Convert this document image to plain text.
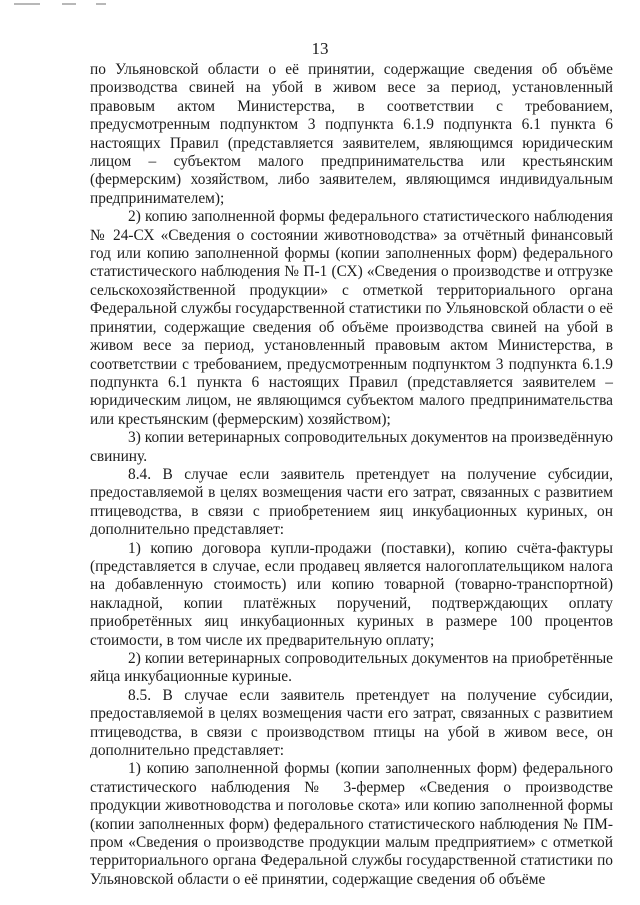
13

по Ульяновской области о её принятии, содержащие сведения об объёме производства свиней на убой в живом весе за период, установленный правовым актом Министерства, в соответствии с требованием, предусмотренным подпунктом 3 подпункта 6.1.9 подпункта 6.1 пункта 6 настоящих Правил (представляется заявителем, являющимся юридическим лицом – субъектом малого предпринимательства или крестьянским (фермерским) хозяйством, либо заявителем, являющимся индивидуальным предпринимателем);

2) копию заполненной формы федерального статистического наблюдения № 24-СХ «Сведения о состоянии животноводства» за отчётный финансовый год или копию заполненной формы (копии заполненных форм) федерального статистического наблюдения № П-1 (СХ) «Сведения о производстве и отгрузке сельскохозяйственной продукции» с отметкой территориального органа Федеральной службы государственной статистики по Ульяновской области о её принятии, содержащие сведения об объёме производства свиней на убой в живом весе за период, установленный правовым актом Министерства, в соответствии с требованием, предусмотренным подпунктом 3 подпункта 6.1.9 подпункта 6.1 пункта 6 настоящих Правил (представляется заявителем – юридическим лицом, не являющимся субъектом малого предпринимательства или крестьянским (фермерским) хозяйством);

3) копии ветеринарных сопроводительных документов на произведённую свинину.

8.4. В случае если заявитель претендует на получение субсидии, предоставляемой в целях возмещения части его затрат, связанных с развитием птицеводства, в связи с приобретением яиц инкубационных куриных, он дополнительно представляет:

1) копию договора купли-продажи (поставки), копию счёта-фактуры (представляется в случае, если продавец является налогоплательщиком налога на добавленную стоимость) или копию товарной (товарно-транспортной) накладной, копии платёжных поручений, подтверждающих оплату приобретённых яиц инкубационных куриных в размере 100 процентов стоимости, в том числе их предварительную оплату;

2) копии ветеринарных сопроводительных документов на приобретённые яйца инкубационные куриные.

8.5. В случае если заявитель претендует на получение субсидии, предоставляемой в целях возмещения части его затрат, связанных с развитием птицеводства, в связи с производством птицы на убой в живом весе, он дополнительно представляет:

1) копию заполненной формы (копии заполненных форм) федерального статистического наблюдения № 3-фермер «Сведения о производстве продукции животноводства и поголовье скота» или копию заполненной формы (копии заполненных форм) федерального статистического наблюдения № ПМ-пром «Сведения о производстве продукции малым предприятием» с отметкой территориального органа Федеральной службы государственной статистики по Ульяновской области о её принятии, содержащие сведения об объёме
